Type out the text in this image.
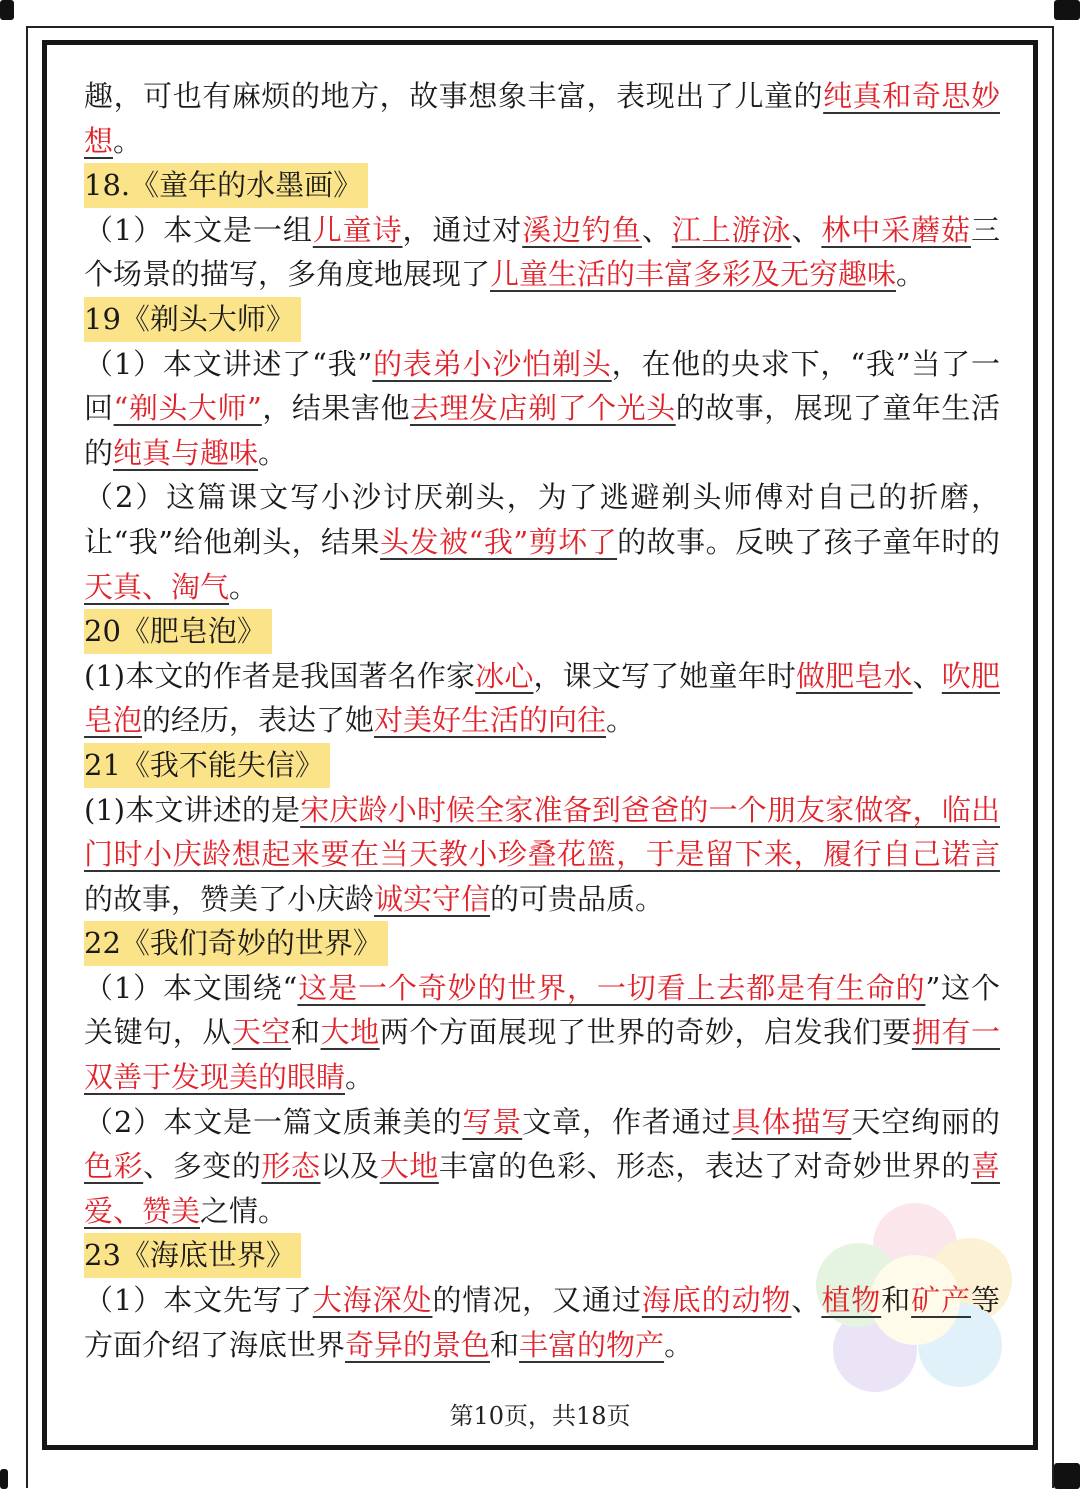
趣，可也有麻烦的地方，故事想象丰富，表现出了儿童的纯真和奇思妙想。

18.《童年的水墨画》

（1）本文是一组儿童诗，通过对溪边钓鱼、江上游泳、林中采蘑菇三个场景的描写，多角度地展现了儿童生活的丰富多彩及无穷趣味。

19《剃头大师》

（1）本文讲述了“我”的表弟小沙怕剃头，在他的央求下，“我”当了一回“剃头大师”，结果害他去理发店剃了个光头的故事，展现了童年生活的纯真与趣味。

（2）这篇课文写小沙讨厌剃头，为了逃避剃头师傅对自己的折磨，让“我”给他剃头，结果头发被“我”剪坏了的故事。反映了孩子童年时的天真、淘气。

20《肥皂泡》

(1)本文的作者是我国著名作家冰心，课文写了她童年时做肥皂水、吹肥皂泡的经历，表达了她对美好生活的向往。

21《我不能失信》

(1)本文讲述的是宋庆龄小时候全家准备到爸爸的一个朋友家做客，临出门时小庆龄想起来要在当天教小珍叠花篮，于是留下来，履行自己诺言的故事，赞美了小庆龄诚实守信的可贵品质。

22《我们奇妙的世界》

（1）本文围绕“这是一个奇妙的世界，一切看上去都是有生命的”这个关键句，从天空和大地两个方面展现了世界的奇妙，启发我们要拥有一双善于发现美的眼睛。

（2）本文是一篇文质兼美的写景文章，作者通过具体描写天空绚丽的色彩、多变的形态以及大地丰富的色彩、形态，表达了对奇妙世界的喜爱、赞美之情。

23《海底世界》

（1）本文先写了大海深处的情况，又通过海底的动物、植物和矿产等方面介绍了海底世界奇异的景色和丰富的物产。

第10页，共18页
